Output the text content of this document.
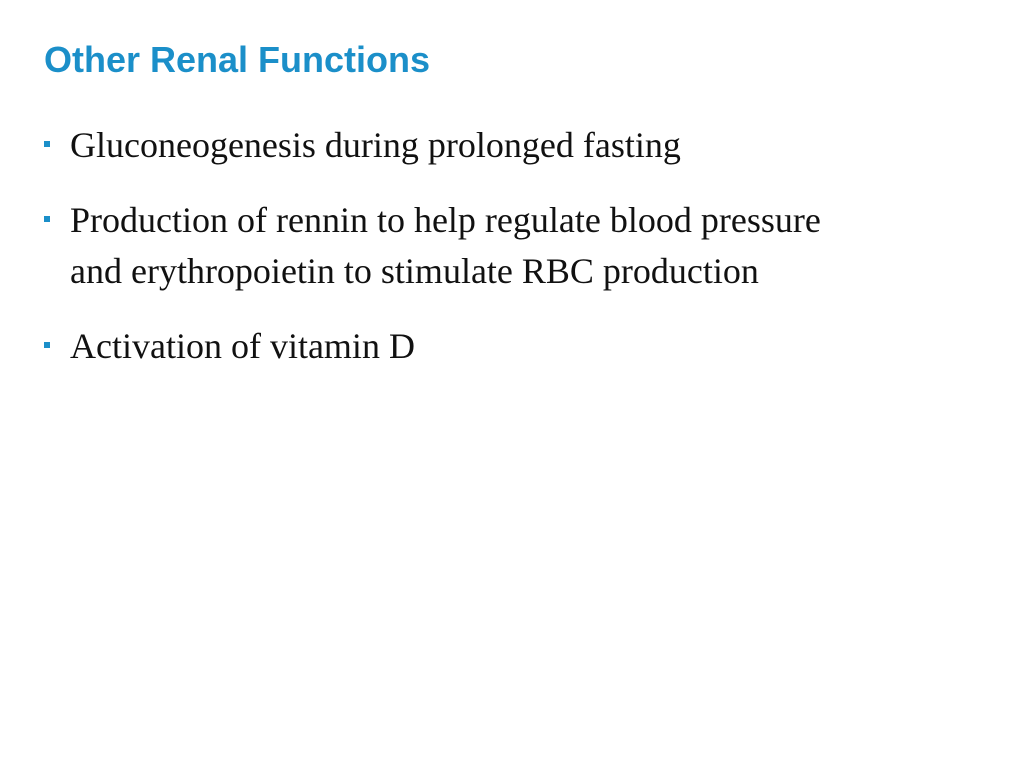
Other Renal Functions
Gluconeogenesis during prolonged fasting
Production of rennin to help regulate blood pressure and erythropoietin to stimulate RBC production
Activation of vitamin D
